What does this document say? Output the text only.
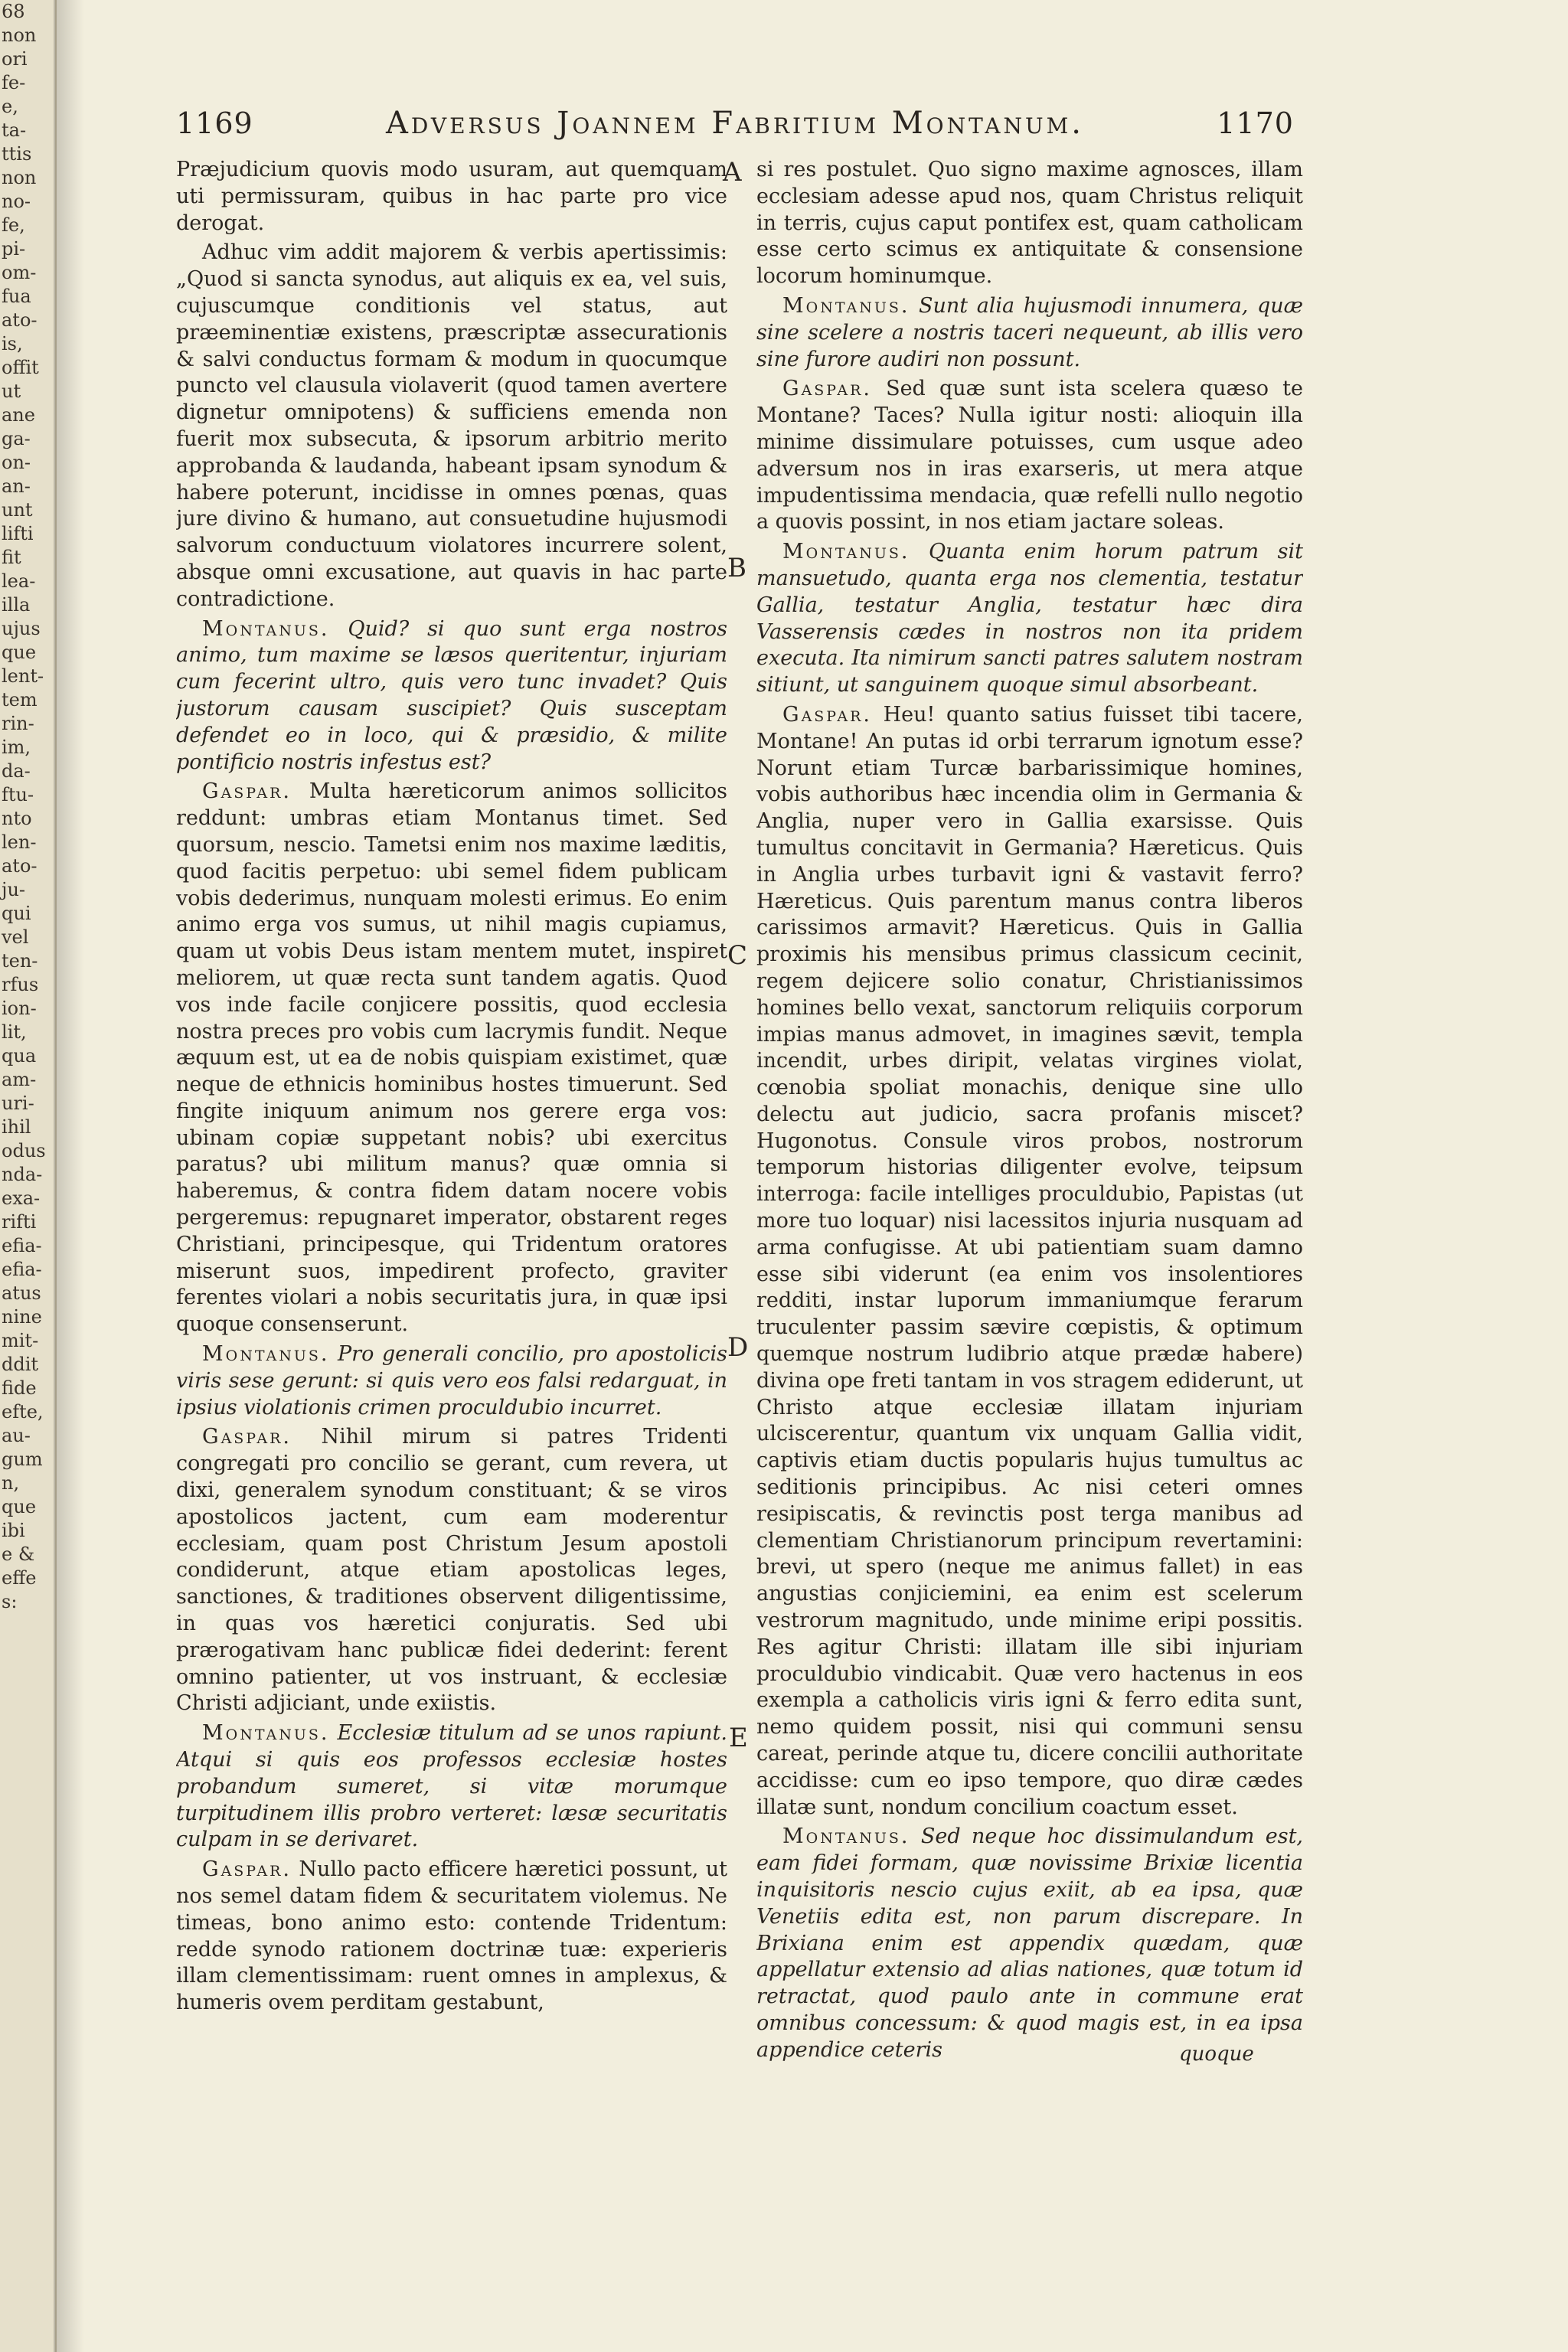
68
non
ori
fe-
e,
ta-
ttis
non
no-
fe,
pi-
om-
fua
ato-
is,
offit
ut
ane
ga-
on-
an-
unt
lifti
fit
lea-
illa
ujus
que
lent-
tem
rin-
im,
da-
ftu-
nto
len-
ato-
ju-
qui
vel
ten-
rfus
ion-
lit,
qua
am-
uri-
ihil
odus
nda-
exa-
rifti
efia-
efia-
atus
nine
mit-
ddit
fide
efte,
au-
gum
n,
que
ibi
e &
effe
s:
1169	Adversus Joannem Fabritium Montanum.	1170

Præjudicium quovis modo usuram, aut quemquam uti permissuram, quibus in hac parte pro vice derogat.

Adhuc vim addit majorem & verbis apertissimis: „Quod si sancta synodus, aut aliquis ex ea, vel suis, cujuscumque conditionis vel status, aut præeminentiæ existens, præscriptæ assecurationis & salvi conductus formam & modum in quocumque puncto vel clausula violaverit (quod tamen avertere dignetur omnipotens) & sufficiens emenda non fuerit mox subsecuta, & ipsorum arbitrio merito approbanda & laudanda, habeant ipsam synodum & habere poterunt, incidisse in omnes pœnas, quas jure divino & humano, aut consuetudine hujusmodi salvorum conductuum violatores incurrere solent, absque omni excusatione, aut quavis in hac parte contradictione.

Montanus. Quid? si quo sunt erga nostros animo, tum maxime se læsos queritentur, injuriam cum fecerint ultro, quis vero tunc invadet? Quis justorum causam suscipiet? Quis susceptam defendet eo in loco, qui & præsidio, & milite pontificio nostris infestus est?

Gaspar. Multa hæreticorum animos sollicitos reddunt: umbras etiam Montanus timet. Sed quorsum, nescio. Tametsi enim nos maxime læditis, quod facitis perpetuo: ubi semel fidem publicam vobis dederimus, nunquam molesti erimus. Eo enim animo erga vos sumus, ut nihil magis cupiamus, quam ut vobis Deus istam mentem mutet, inspiret meliorem, ut quæ recta sunt tandem agatis. Quod vos inde facile conjicere possitis, quod ecclesia nostra preces pro vobis cum lacrymis fundit. Neque æquum est, ut ea de nobis quispiam existimet, quæ neque de ethnicis hominibus hostes timuerunt. Sed fingite iniquum animum nos gerere erga vos: ubinam copiæ suppetant nobis? ubi exercitus paratus? ubi militum manus? quæ omnia si haberemus, & contra fidem datam nocere vobis pergeremus: repugnaret imperator, obstarent reges Christiani, principesque, qui Tridentum oratores miserunt suos, impedirent profecto, graviter ferentes violari a nobis securitatis jura, in quæ ipsi quoque consenserunt.

Montanus. Pro generali concilio, pro apostolicis viris sese gerunt: si quis vero eos falsi redarguat, in ipsius violationis crimen proculdubio incurret.

Gaspar. Nihil mirum si patres Tridenti congregati pro concilio se gerant, cum revera, ut dixi, generalem synodum constituant; & se viros apostolicos jactent, cum eam moderentur ecclesiam, quam post Christum Jesum apostoli condiderunt, atque etiam apostolicas leges, sanctiones, & traditiones observent diligentissime, in quas vos hæretici conjuratis. Sed ubi prærogativam hanc publicæ fidei dederint: ferent omnino patienter, ut vos instruant, & ecclesiæ Christi adjiciant, unde exiistis.

Montanus. Ecclesiæ titulum ad se unos rapiunt. Atqui si quis eos professos ecclesiæ hostes probandum sumeret, si vitæ morumque turpitudinem illis probro verteret: læsæ securitatis culpam in se derivaret.

Gaspar. Nullo pacto efficere hæretici possunt, ut nos semel datam fidem & securitatem violemus. Ne timeas, bono animo esto: contende Tridentum: redde synodo rationem doctrinæ tuæ: experieris illam clementissimam: ruent omnes in amplexus, & humeris ovem perditam gestabunt,

si res postulet. Quo signo maxime agnosces, illam ecclesiam adesse apud nos, quam Christus reliquit in terris, cujus caput pontifex est, quam catholicam esse certo scimus ex antiquitate & consensione locorum hominumque.

Montanus. Sunt alia hujusmodi innumera, quæ sine scelere a nostris taceri nequeunt, ab illis vero sine furore audiri non possunt.

Gaspar. Sed quæ sunt ista scelera quæso te Montane? Taces? Nulla igitur nosti: alioquin illa minime dissimulare potuisses, cum usque adeo adversum nos in iras exarseris, ut mera atque impudentissima mendacia, quæ refelli nullo negotio a quovis possint, in nos etiam jactare soleas.

Montanus. Quanta enim horum patrum sit mansuetudo, quanta erga nos clementia, testatur Gallia, testatur Anglia, testatur hæc dira Vasserensis cædes in nostros non ita pridem executa. Ita nimirum sancti patres salutem nostram sitiunt, ut sanguinem quoque simul absorbeant.

Gaspar. Heu! quanto satius fuisset tibi tacere, Montane! An putas id orbi terrarum ignotum esse? Norunt etiam Turcæ barbarissimique homines, vobis authoribus hæc incendia olim in Germania & Anglia, nuper vero in Gallia exarsisse. Quis tumultus concitavit in Germania? Hæreticus. Quis in Anglia urbes turbavit igni & vastavit ferro? Hæreticus. Quis parentum manus contra liberos carissimos armavit? Hæreticus. Quis in Gallia proximis his mensibus primus classicum cecinit, regem dejicere solio conatur, Christianissimos homines bello vexat, sanctorum reliquiis corporum impias manus admovet, in imagines sævit, templa incendit, urbes diripit, velatas virgines violat, cœnobia spoliat monachis, denique sine ullo delectu aut judicio, sacra profanis miscet? Hugonotus. Consule viros probos, nostrorum temporum historias diligenter evolve, teipsum interroga: facile intelliges proculdubio, Papistas (ut more tuo loquar) nisi lacessitos injuria nusquam ad arma confugisse. At ubi patientiam suam damno esse sibi viderunt (ea enim vos insolentiores redditi, instar luporum immaniumque ferarum truculenter passim sævire cœpistis, & optimum quemque nostrum ludibrio atque prædæ habere) divina ope freti tantam in vos stragem ediderunt, ut Christo atque ecclesiæ illatam injuriam ulciscerentur, quantum vix unquam Gallia vidit, captivis etiam ductis popularis hujus tumultus ac seditionis principibus. Ac nisi ceteri omnes resipiscatis, & revinctis post terga manibus ad clementiam Christianorum principum revertamini: brevi, ut spero (neque me animus fallet) in eas angustias conjiciemini, ea enim est scelerum vestrorum magnitudo, unde minime eripi possitis. Res agitur Christi: illatam ille sibi injuriam proculdubio vindicabit. Quæ vero hactenus in eos exempla a catholicis viris igni & ferro edita sunt, nemo quidem possit, nisi qui communi sensu careat, perinde atque tu, dicere concilii authoritate accidisse: cum eo ipso tempore, quo diræ cædes illatæ sunt, nondum concilium coactum esset.

Montanus. Sed neque hoc dissimulandum est, eam fidei formam, quæ novissime Brixiæ licentia inquisitoris nescio cujus exiit, ab ea ipsa, quæ Venetiis edita est, non parum discrepare. In Brixiana enim est appendix quædam, quæ appellatur extensio ad alias nationes, quæ totum id retractat, quod paulo ante in commune erat omnibus concessum: & quod magis est, in ea ipsa appendice ceteris

A
B
C
D
E
quoque
